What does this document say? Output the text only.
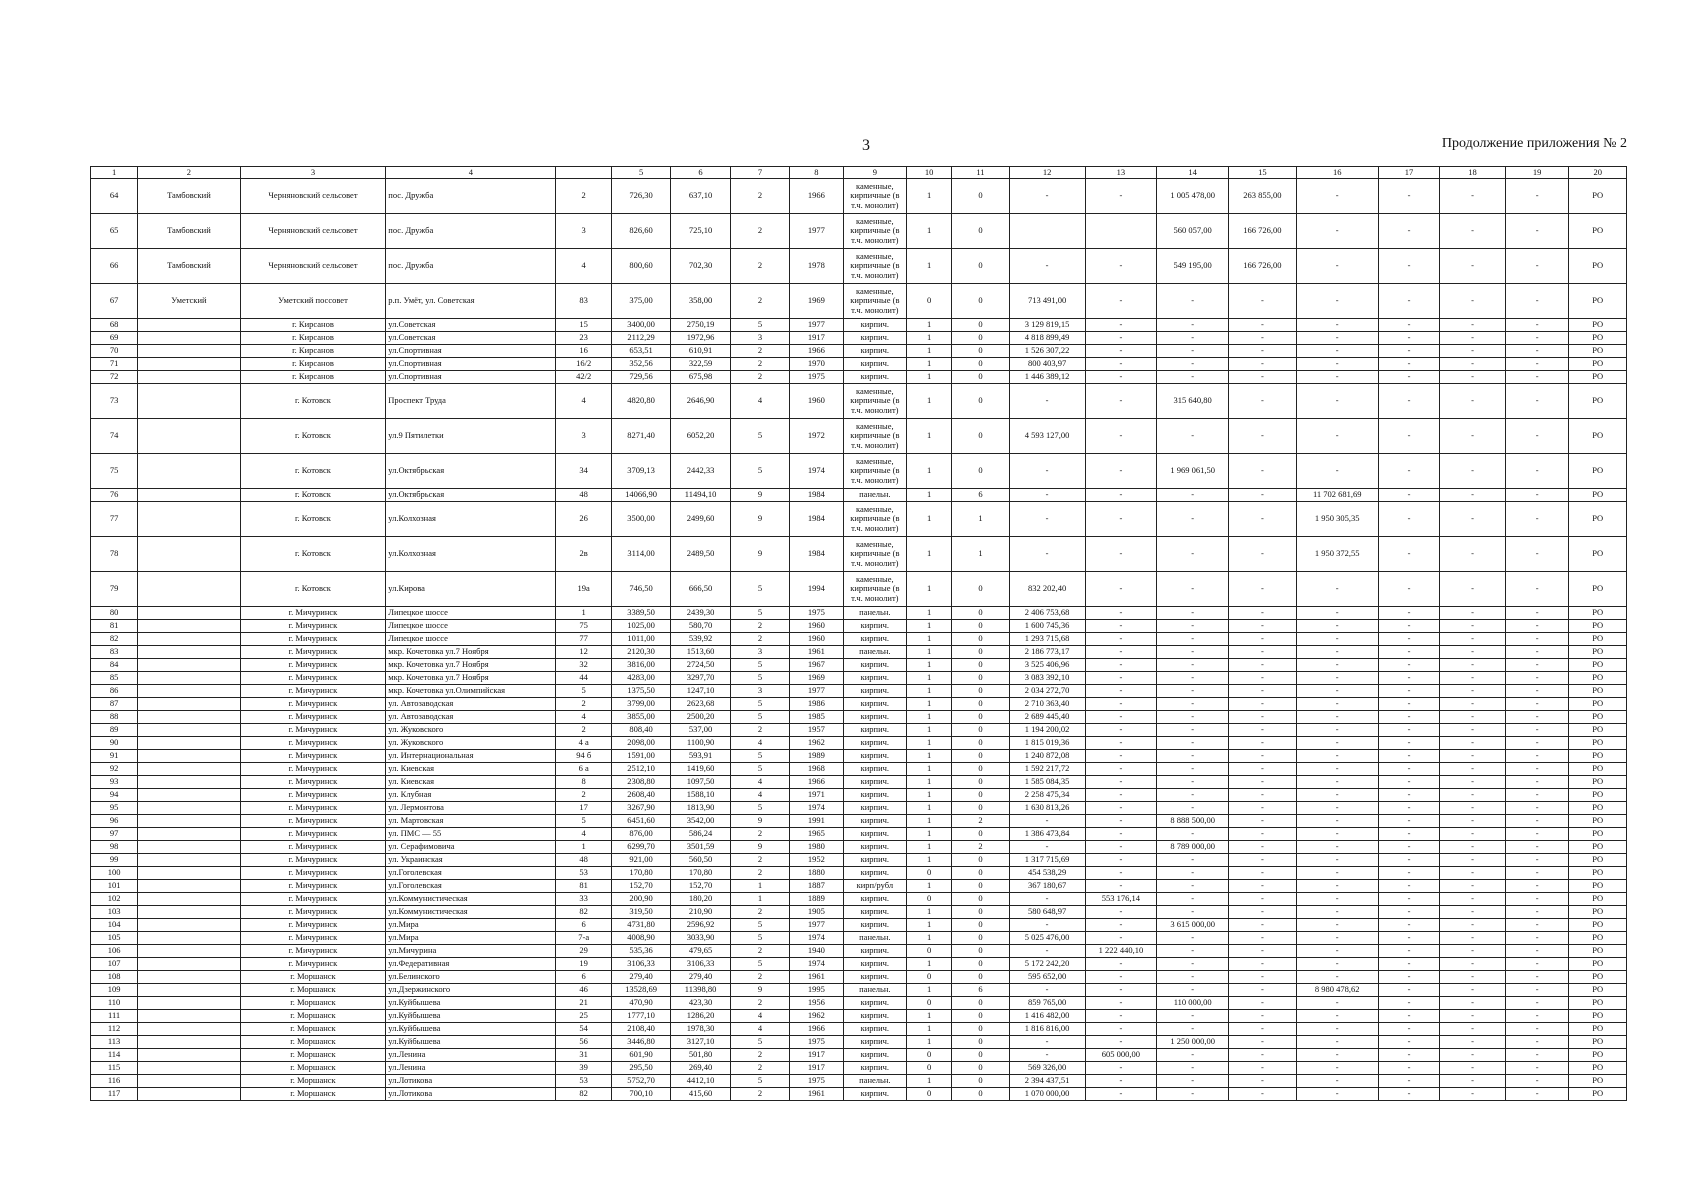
3	Продолжение приложения № 2
1	2	3	4		5	6	7	8	9	10	11	12	13	14	15	16	17	18	19	20
64	Тамбовский	Черняновский сельсовет	пос. Дружба	2	726,30	637,10	2	1966	каменные, кирпичные (в т.ч. монолит)	1	0	-	-	1 005 478,00	263 855,00	-	-	-	-	РО
65	Тамбовский	Черняновский сельсовет	пос. Дружба	3	826,60	725,10	2	1977	каменные, кирпичные (в т.ч. монолит)	1	0			560 057,00	166 726,00	-	-	-	-	РО
66	Тамбовский	Черняновский сельсовет	пос. Дружба	4	800,60	702,30	2	1978	каменные, кирпичные (в т.ч. монолит)	1	0	-	-	549 195,00	166 726,00	-	-	-	-	РО
67	Уметский	Уметский поссовет	р.п. Умёт, ул. Советская	83	375,00	358,00	2	1969	каменные, кирпичные (в т.ч. монолит)	0	0	713 491,00	-	-	-	-	-	-	-	РО
68		г. Кирсанов	ул.Советская	15	3400,00	2750,19	5	1977	кирпич.	1	0	3 129 819,15	-	-	-	-	-	-	-	РО
69		г. Кирсанов	ул.Советская	23	2112,29	1972,96	3	1917	кирпич.	1	0	4 818 899,49	-	-	-	-	-	-	-	РО
70		г. Кирсанов	ул.Спортивная	16	653,51	610,91	2	1966	кирпич.	1	0	1 526 307,22	-	-	-	-	-	-	-	РО
71		г. Кирсанов	ул.Спортивная	16/2	352,56	322,59	2	1970	кирпич.	1	0	800 403,97	-	-	-	-	-	-	-	РО
72		г. Кирсанов	ул.Спортивная	42/2	729,56	675,98	2	1975	кирпич.	1	0	1 446 389,12	-	-	-	-	-	-	-	РО
73		г. Котовск	Проспект Труда	4	4820,80	2646,90	4	1960	каменные, кирпичные (в т.ч. монолит)	1	0	-	-	315 640,80	-	-	-	-	-	РО
74		г. Котовск	ул.9 Пятилетки	3	8271,40	6052,20	5	1972	каменные, кирпичные (в т.ч. монолит)	1	0	4 593 127,00	-	-	-	-	-	-	-	РО
75		г. Котовск	ул.Октябрьская	34	3709,13	2442,33	5	1974	каменные, кирпичные (в т.ч. монолит)	1	0	-	-	1 969 061,50	-	-	-	-	-	РО
76		г. Котовск	ул.Октябрьская	48	14066,90	11494,10	9	1984	панельн.	1	6	-	-	-	-	11 702 681,69	-	-	-	РО
77		г. Котовск	ул.Колхозная	26	3500,00	2499,60	9	1984	каменные, кирпичные (в т.ч. монолит)	1	1	-	-	-	-	1 950 305,35	-	-	-	РО
78		г. Котовск	ул.Колхозная	2в	3114,00	2489,50	9	1984	каменные, кирпичные (в т.ч. монолит)	1	1	-	-	-	-	1 950 372,55	-	-	-	РО
79		г. Котовск	ул.Кирова	19а	746,50	666,50	5	1994	каменные, кирпичные (в т.ч. монолит)	1	0	832 202,40	-	-	-	-	-	-	-	РО
80		г. Мичуринск	Липецкое шоссе	1	3389,50	2439,30	5	1975	панельн.	1	0	2 406 753,68	-	-	-	-	-	-	-	РО
81		г. Мичуринск	Липецкое шоссе	75	1025,00	580,70	2	1960	кирпич.	1	0	1 600 745,36	-	-	-	-	-	-	-	РО
82		г. Мичуринск	Липецкое шоссе	77	1011,00	539,92	2	1960	кирпич.	1	0	1 293 715,68	-	-	-	-	-	-	-	РО
83		г. Мичуринск	мкр. Кочетовка ул.7 Ноября	12	2120,30	1513,60	3	1961	панельн.	1	0	2 186 773,17	-	-	-	-	-	-	-	РО
84		г. Мичуринск	мкр. Кочетовка ул.7 Ноября	32	3816,00	2724,50	5	1967	кирпич.	1	0	3 525 406,96	-	-	-	-	-	-	-	РО
85		г. Мичуринск	мкр. Кочетовка ул.7 Ноября	44	4283,00	3297,70	5	1969	кирпич.	1	0	3 083 392,10	-	-	-	-	-	-	-	РО
86		г. Мичуринск	мкр. Кочетовка ул.Олимпийская	5	1375,50	1247,10	3	1977	кирпич.	1	0	2 034 272,70	-	-	-	-	-	-	-	РО
87		г. Мичуринск	ул. Автозаводская	2	3799,00	2623,68	5	1986	кирпич.	1	0	2 710 363,40	-	-	-	-	-	-	-	РО
88		г. Мичуринск	ул. Автозаводская	4	3855,00	2500,20	5	1985	кирпич.	1	0	2 689 445,40	-	-	-	-	-	-	-	РО
89		г. Мичуринск	ул. Жуковского	2	808,40	537,00	2	1957	кирпич.	1	0	1 194 200,02	-	-	-	-	-	-	-	РО
90		г. Мичуринск	ул. Жуковского	4 а	2098,00	1100,90	4	1962	кирпич.	1	0	1 815 019,36	-	-	-	-	-	-	-	РО
91		г. Мичуринск	ул. Интернациональная	94 б	1591,00	593,91	5	1989	кирпич.	1	0	1 240 872,08	-	-	-	-	-	-	-	РО
92		г. Мичуринск	ул. Киевская	6 а	2512,10	1419,60	5	1968	кирпич.	1	0	1 592 217,72	-	-	-	-	-	-	-	РО
93		г. Мичуринск	ул. Киевская	8	2308,80	1097,50	4	1966	кирпич.	1	0	1 585 084,35	-	-	-	-	-	-	-	РО
94		г. Мичуринск	ул. Клубная	2	2608,40	1588,10	4	1971	кирпич.	1	0	2 258 475,34	-	-	-	-	-	-	-	РО
95		г. Мичуринск	ул. Лермонтова	17	3267,90	1813,90	5	1974	кирпич.	1	0	1 630 813,26	-	-	-	-	-	-	-	РО
96		г. Мичуринск	ул. Мартовская	5	6451,60	3542,00	9	1991	кирпич.	1	2	-	-	8 888 500,00	-	-	-	-	-	РО
97		г. Мичуринск	ул. ПМС — 55	4	876,00	586,24	2	1965	кирпич.	1	0	1 386 473,84	-	-	-	-	-	-	-	РО
98		г. Мичуринск	ул. Серафимовича	1	6299,70	3501,59	9	1980	кирпич.	1	2	-	-	8 789 000,00	-	-	-	-	-	РО
99		г. Мичуринск	ул. Украинская	48	921,00	560,50	2	1952	кирпич.	1	0	1 317 715,69	-	-	-	-	-	-	-	РО
100		г. Мичуринск	ул.Гоголевская	53	170,80	170,80	2	1880	кирпич.	0	0	454 538,29	-	-	-	-	-	-	-	РО
101		г. Мичуринск	ул.Гоголевская	81	152,70	152,70	1	1887	кирп/рубл	1	0	367 180,67	-	-	-	-	-	-	-	РО
102		г. Мичуринск	ул.Коммунистическая	33	200,90	180,20	1	1889	кирпич.	0	0	-	553 176,14	-	-	-	-	-	-	РО
103		г. Мичуринск	ул.Коммунистическая	82	319,50	210,90	2	1905	кирпич.	1	0	580 648,97	-	-	-	-	-	-	-	РО
104		г. Мичуринск	ул.Мира	6	4731,80	2596,92	5	1977	кирпич.	1	0	-	-	3 615 000,00	-	-	-	-	-	РО
105		г. Мичуринск	ул.Мира	7-а	4008,90	3033,90	5	1974	панельн.	1	0	5 025 476,00	-	-	-	-	-	-	-	РО
106		г. Мичуринск	ул.Мичурина	29	535,36	479,65	2	1940	кирпич.	0	0	-	1 222 440,10	-	-	-	-	-	-	РО
107		г. Мичуринск	ул.Федеративная	19	3106,33	3106,33	5	1974	кирпич.	1	0	5 172 242,20	-	-	-	-	-	-	-	РО
108		г. Моршанск	ул.Белинского	6	279,40	279,40	2	1961	кирпич.	0	0	595 652,00	-	-	-	-	-	-	-	РО
109		г. Моршанск	ул.Дзержинского	46	13528,69	11398,80	9	1995	панельн.	1	6	-	-	-	-	8 980 478,62	-	-	-	РО
110		г. Моршанск	ул.Куйбышева	21	470,90	423,30	2	1956	кирпич.	0	0	859 765,00	-	110 000,00	-	-	-	-	-	РО
111		г. Моршанск	ул.Куйбышева	25	1777,10	1286,20	4	1962	кирпич.	1	0	1 416 482,00	-	-	-	-	-	-	-	РО
112		г. Моршанск	ул.Куйбышева	54	2108,40	1978,30	4	1966	кирпич.	1	0	1 816 816,00	-	-	-	-	-	-	-	РО
113		г. Моршанск	ул.Куйбышева	56	3446,80	3127,10	5	1975	кирпич.	1	0	-	-	1 250 000,00	-	-	-	-	-	РО
114		г. Моршанск	ул.Ленина	31	601,90	501,80	2	1917	кирпич.	0	0	-	605 000,00	-	-	-	-	-	-	РО
115		г. Моршанск	ул.Ленина	39	295,50	269,40	2	1917	кирпич.	0	0	569 326,00	-	-	-	-	-	-	-	РО
116		г. Моршанск	ул.Лотикова	53	5752,70	4412,10	5	1975	панельн.	1	0	2 394 437,51	-	-	-	-	-	-	-	РО
117		г. Моршанск	ул.Лотикова	82	700,10	415,60	2	1961	кирпич.	0	0	1 070 000,00	-	-	-	-	-	-	-	РО
